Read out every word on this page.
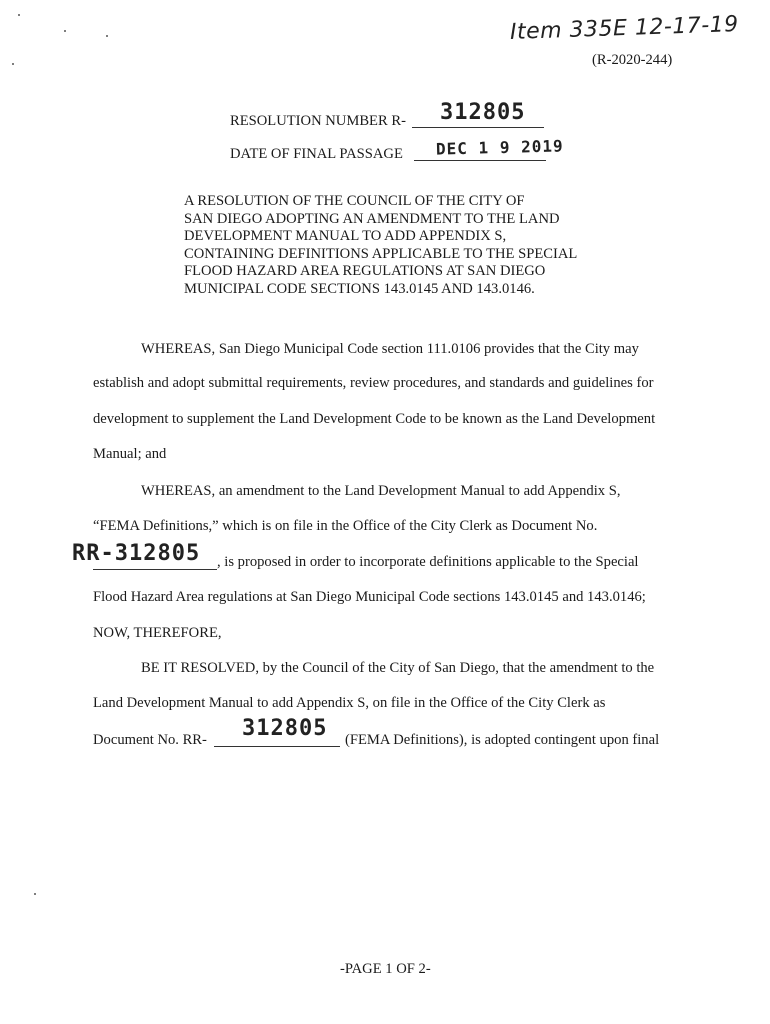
Item 335E 12-17-19
(R-2020-244)
RESOLUTION NUMBER R- 312805
DATE OF FINAL PASSAGE DEC 1 9 2019
A RESOLUTION OF THE COUNCIL OF THE CITY OF
SAN DIEGO ADOPTING AN AMENDMENT TO THE LAND
DEVELOPMENT MANUAL TO ADD APPENDIX S,
CONTAINING DEFINITIONS APPLICABLE TO THE SPECIAL
FLOOD HAZARD AREA REGULATIONS AT SAN DIEGO
MUNICIPAL CODE SECTIONS 143.0145 AND 143.0146.
WHEREAS, San Diego Municipal Code section 111.0106 provides that the City may
establish and adopt submittal requirements, review procedures, and standards and guidelines for
development to supplement the Land Development Code to be known as the Land Development
Manual; and
WHEREAS, an amendment to the Land Development Manual to add Appendix S,
“FEMA Definitions,” which is on file in the Office of the City Clerk as Document No.
RR-312805 , is proposed in order to incorporate definitions applicable to the Special
Flood Hazard Area regulations at San Diego Municipal Code sections 143.0145 and 143.0146;
NOW, THEREFORE,
BE IT RESOLVED, by the Council of the City of San Diego, that the amendment to the
Land Development Manual to add Appendix S, on file in the Office of the City Clerk as
Document No. RR- 312805 (FEMA Definitions), is adopted contingent upon final
-PAGE 1 OF 2-
